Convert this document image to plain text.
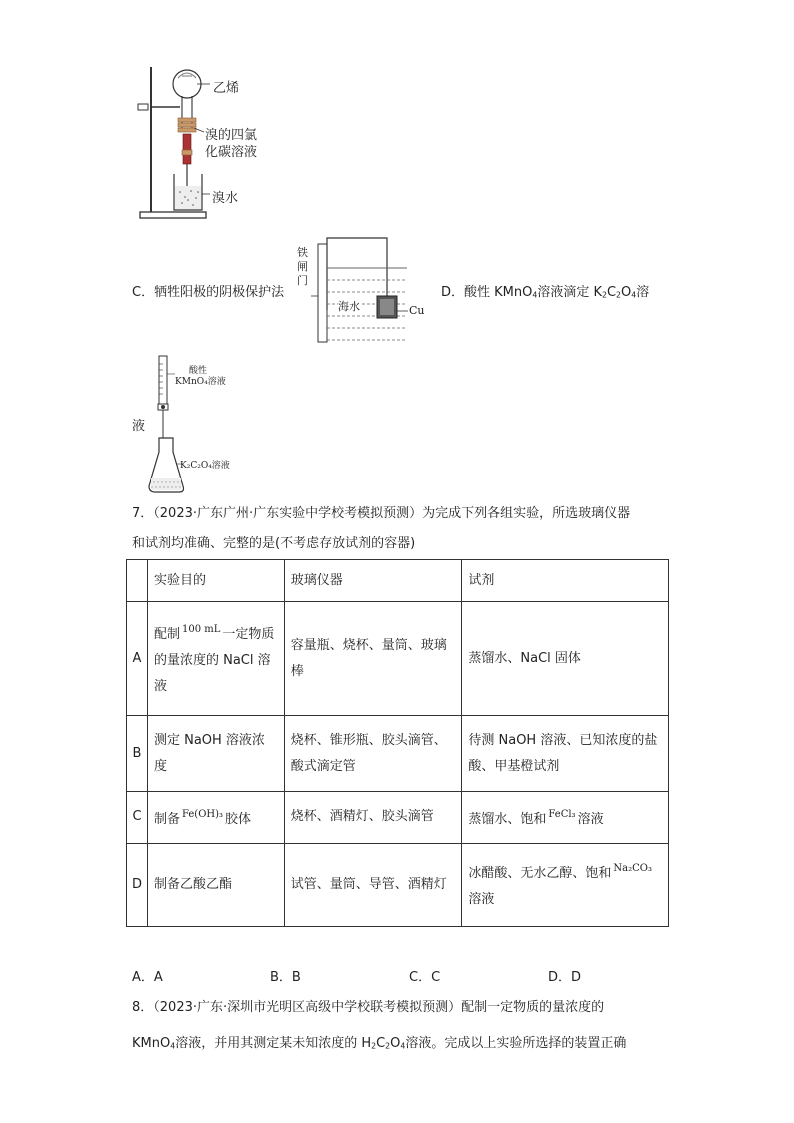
乙烯
溴的四氯
化碳溶液
溴水
C．牺牲阳极的阴极保护法
铁
闸
门
海水	Cu
D．酸性 KMnO$_4$溶液滴定 $K_2C_2O_4$溶
酸性
KMnO₄溶液
K₂C₂O₄溶液
液
7．（2023·广东广州·广东实验中学校考模拟预测）为完成下列各组实验，所选玻璃仪器
和试剂均准确、完整的是(不考虑存放试剂的容器)
	实验目的	玻璃仪器	试剂
A	配制 $^{100 mL}$ 一定物质的量浓度的 NaCl 溶液	容量瓶、烧杯、量筒、玻璃棒	蒸馏水、NaCl 固体
B	测定 NaOH 溶液浓度	烧杯、锥形瓶、胶头滴管、酸式滴定管	待测 NaOH 溶液、已知浓度的盐酸、甲基橙试剂
C	制备 $^{Fe(OH)_3}$ 胶体	烧杯、酒精灯、胶头滴管	蒸馏水、饱和 $^{FeCl_3}$ 溶液
D	制备乙酸乙酯	试管、量筒、导管、酒精灯	冰醋酸、无水乙醇、饱和 $^{Na_2CO_3}$溶液
A．A	B．B	C．C	D．D
8．（2023·广东·深圳市光明区高级中学校联考模拟预测）配制一定物质的量浓度的
KMnO$_4$溶液，并用其测定某未知浓度的 $H_2C_2O_4$溶液。完成以上实验所选择的装置正确
